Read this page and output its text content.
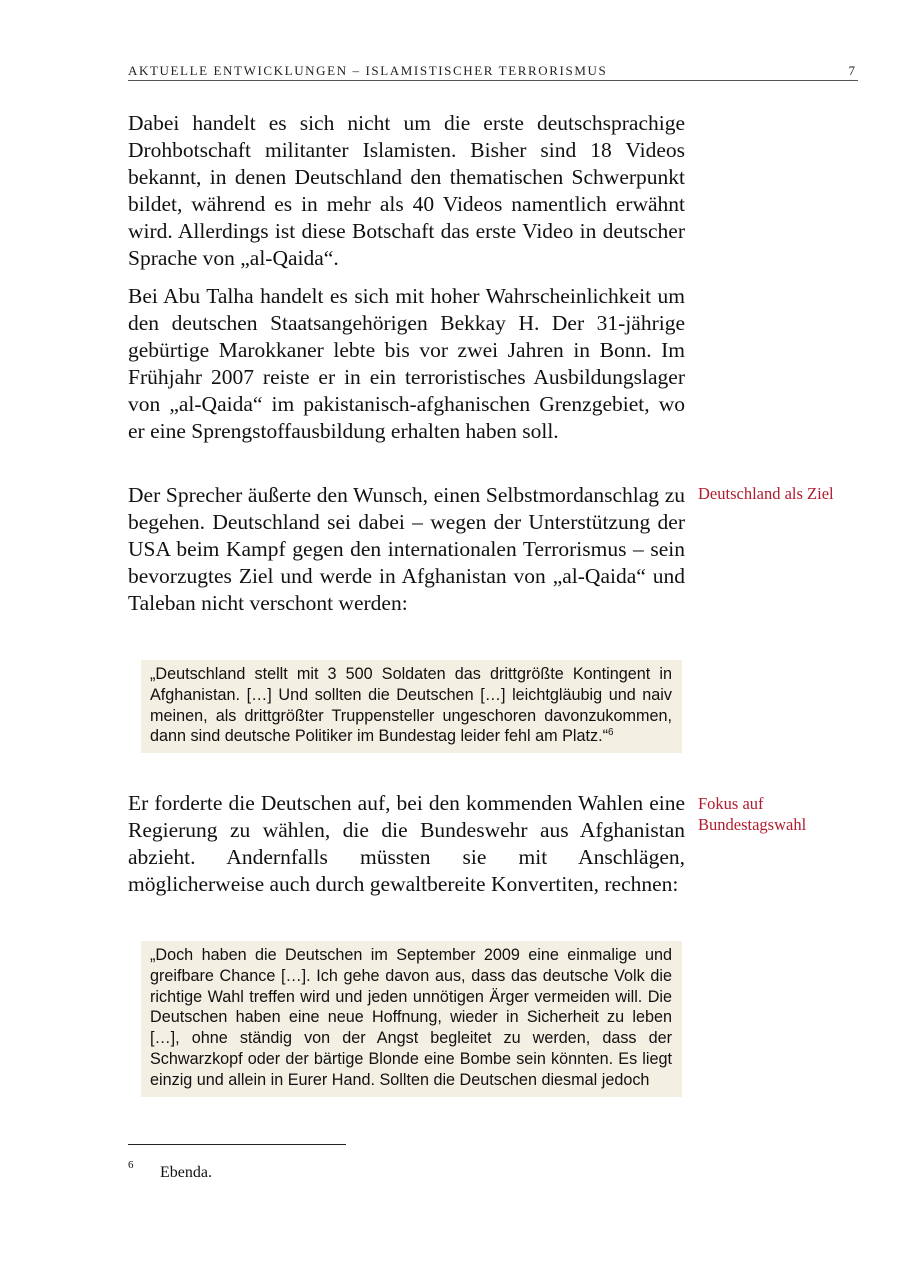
AKTUELLE ENTWICKLUNGEN – ISLAMISTISCHER TERRORISMUS	7

Dabei handelt es sich nicht um die erste deutschsprachige Drohbotschaft militanter Islamisten. Bisher sind 18 Videos bekannt, in denen Deutschland den thematischen Schwerpunkt bildet, während es in mehr als 40 Videos namentlich erwähnt wird. Allerdings ist diese Botschaft das erste Video in deutscher Sprache von „al-Qaida“.

Bei Abu Talha handelt es sich mit hoher Wahrscheinlichkeit um den deutschen Staatsangehörigen Bekkay H. Der 31-jährige gebürtige Marokkaner lebte bis vor zwei Jahren in Bonn. Im Frühjahr 2007 reiste er in ein terroristisches Ausbildungslager von „al-Qaida“ im pakistanisch-afghanischen Grenzgebiet, wo er eine Sprengstoffausbildung erhalten haben soll.

Der Sprecher äußerte den Wunsch, einen Selbstmordanschlag zu begehen. Deutschland sei dabei – wegen der Unterstützung der USA beim Kampf gegen den internationalen Terrorismus – sein bevorzugtes Ziel und werde in Afghanistan von „al-Qaida“ und Taleban nicht verschont werden:

Deutschland als Ziel
„Deutschland stellt mit 3 500 Soldaten das drittgrößte Kontingent in Afghanistan. […] Und sollten die Deutschen […] leichtgläubig und naiv meinen, als drittgrößter Truppensteller ungeschoren davonzukommen, dann sind deutsche Politiker im Bundestag leider fehl am Platz.“$^6$

Er forderte die Deutschen auf, bei den kommenden Wahlen eine Regierung zu wählen, die die Bundeswehr aus Afghanistan abzieht. Andernfalls müssten sie mit Anschlägen, möglicherweise auch durch gewaltbereite Konvertiten, rechnen:

Fokus auf Bundestagswahl
„Doch haben die Deutschen im September 2009 eine einmalige und greifbare Chance […]. Ich gehe davon aus, dass das deutsche Volk die richtige Wahl treffen wird und jeden unnötigen Ärger vermeiden will. Die Deutschen haben eine neue Hoffnung, wieder in Sicherheit zu leben […], ohne ständig von der Angst begleitet zu werden, dass der Schwarzkopf oder der bärtige Blonde eine Bombe sein könnten. Es liegt einzig und allein in Eurer Hand. Sollten die Deutschen diesmal jedoch
6 Ebenda.
